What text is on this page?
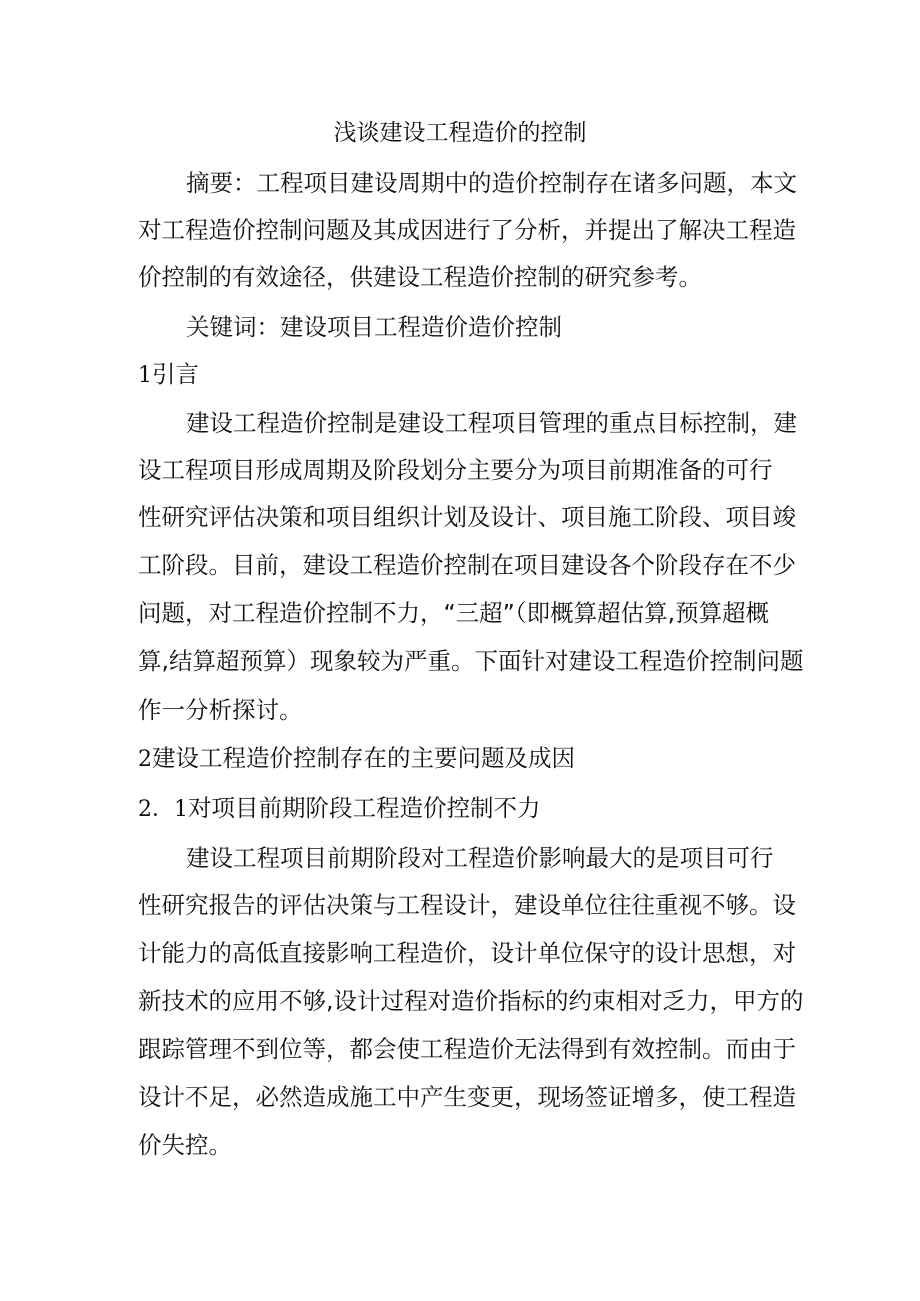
浅谈建设工程造价的控制
摘要：工程项目建设周期中的造价控制存在诸多问题，本文
对工程造价控制问题及其成因进行了分析，并提出了解决工程造
价控制的有效途径，供建设工程造价控制的研究参考。
关键词：建设项目工程造价造价控制
1引言
建设工程造价控制是建设工程项目管理的重点目标控制，建
设工程项目形成周期及阶段划分主要分为项目前期准备的可行
性研究评估决策和项目组织计划及设计、项目施工阶段、项目竣
工阶段。目前，建设工程造价控制在项目建设各个阶段存在不少
问题，对工程造价控制不力，“三超”（即概算超估算,预算超概
算,结算超预算）现象较为严重。下面针对建设工程造价控制问题
作一分析探讨。
2建设工程造价控制存在的主要问题及成因
2．1对项目前期阶段工程造价控制不力
建设工程项目前期阶段对工程造价影响最大的是项目可行
性研究报告的评估决策与工程设计，建设单位往往重视不够。设
计能力的高低直接影响工程造价，设计单位保守的设计思想，对
新技术的应用不够,设计过程对造价指标的约束相对乏力，甲方的
跟踪管理不到位等，都会使工程造价无法得到有效控制。而由于
设计不足，必然造成施工中产生变更，现场签证增多，使工程造
价失控。
